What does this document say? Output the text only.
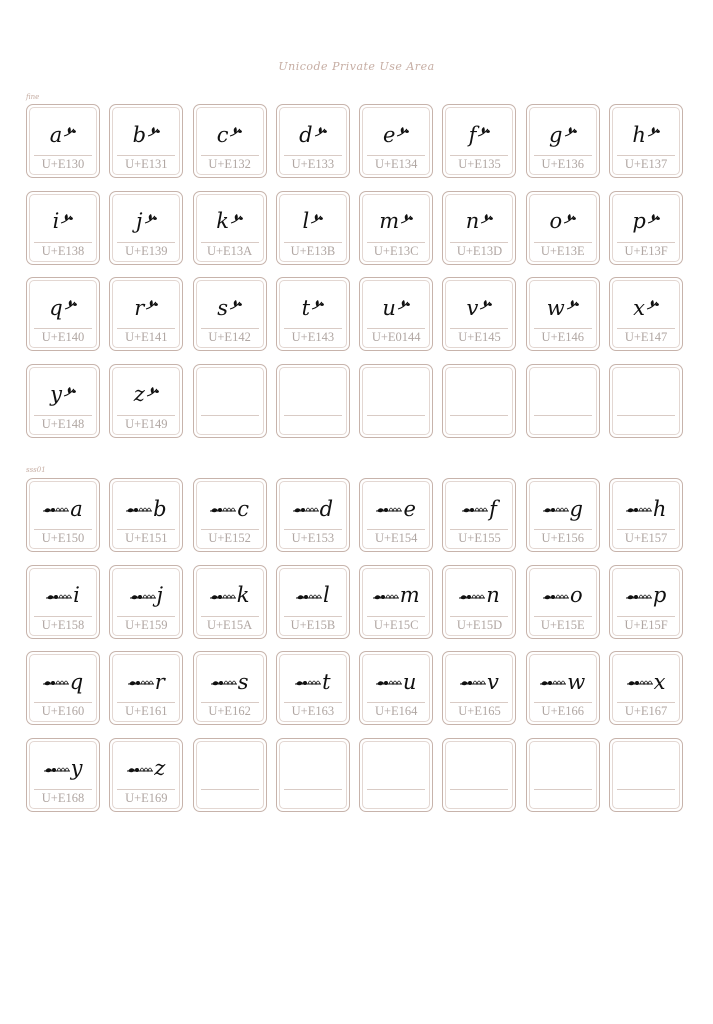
Unicode Private Use Area
fine
a
U+E130
b
U+E131
c
U+E132
d
U+E133
e
U+E134
f
U+E135
g
U+E136
h
U+E137
i
U+E138
j
U+E139
k
U+E13A
l
U+E13B
m
U+E13C
n
U+E13D
o
U+E13E
p
U+E13F
q
U+E140
r
U+E141
s
U+E142
t
U+E143
u
U+E0144
v
U+E145
w
U+E146
x
U+E147
y
U+E148
z
U+E149
sss01
a
U+E150
b
U+E151
c
U+E152
d
U+E153
e
U+E154
f
U+E155
g
U+E156
h
U+E157
i
U+E158
j
U+E159
k
U+E15A
l
U+E15B
m
U+E15C
n
U+E15D
o
U+E15E
p
U+E15F
q
U+E160
r
U+E161
s
U+E162
t
U+E163
u
U+E164
v
U+E165
w
U+E166
x
U+E167
y
U+E168
z
U+E169
